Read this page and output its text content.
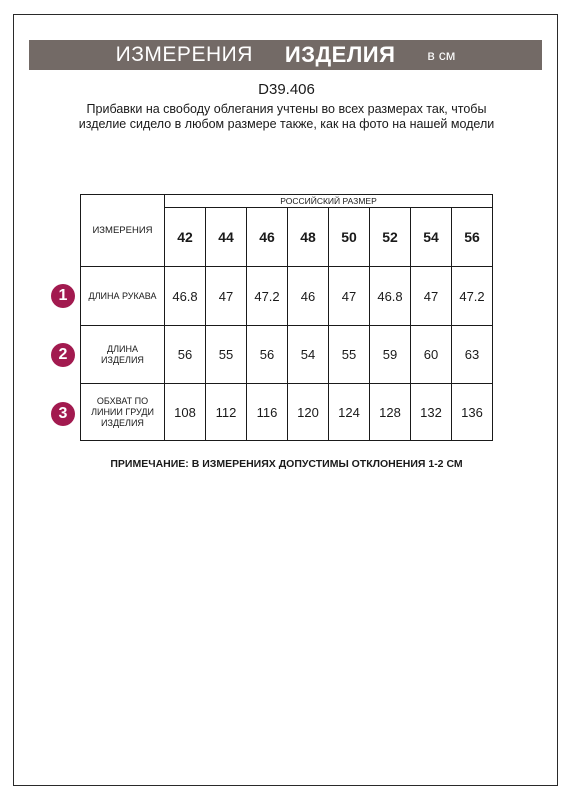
ИЗМЕРЕНИЯ ИЗДЕЛИЯ в см
D39.406
Прибавки на свободу облегания учтены во всех размерах так, чтобы изделие сидело в любом размере также, как на фото на нашей модели
ИЗМЕРЕНИЯ	РОССИЙСКИЙ РАЗМЕР							
	42	44	46	48	50	52	54	56
ДЛИНА РУКАВА	46.8	47	47.2	46	47	46.8	47	47.2
ДЛИНА ИЗДЕЛИЯ	56	55	56	54	55	59	60	63
ОБХВАТ ПО ЛИНИИ ГРУДИ ИЗДЕЛИЯ	108	112	116	120	124	128	132	136
1
2
3
ПРИМЕЧАНИЕ: В ИЗМЕРЕНИЯХ ДОПУСТИМЫ ОТКЛОНЕНИЯ 1-2 СМ
